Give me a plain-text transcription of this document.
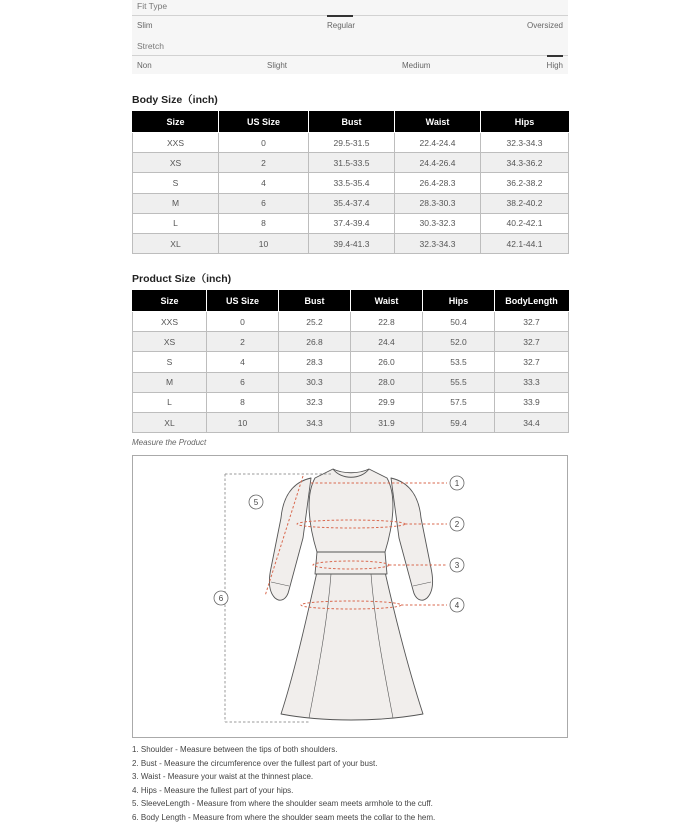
Fit Type
Slim	Regular	Oversized
Stretch
Non	Slight	Medium	High
Body Size（inch)
Size	US Size	Bust	Waist	Hips
XXS	0	29.5-31.5	22.4-24.4	32.3-34.3
XS	2	31.5-33.5	24.4-26.4	34.3-36.2
S	4	33.5-35.4	26.4-28.3	36.2-38.2
M	6	35.4-37.4	28.3-30.3	38.2-40.2
L	8	37.4-39.4	30.3-32.3	40.2-42.1
XL	10	39.4-41.3	32.3-34.3	42.1-44.1
Product Size（inch)
Size	US Size	Bust	Waist	Hips	BodyLength
XXS	0	25.2	22.8	50.4	32.7
XS	2	26.8	24.4	52.0	32.7
S	4	28.3	26.0	53.5	32.7
M	6	30.3	28.0	55.5	33.3
L	8	32.3	29.9	57.5	33.9
XL	10	34.3	31.9	59.4	34.4
Measure the Product
1
2
3
4
5
6
1. Shoulder - Measure between the tips of both shoulders.
2. Bust - Measure the circumference over the fullest part of your bust.
3. Waist - Measure your waist at the thinnest place.
4. Hips - Measure the fullest part of your hips.
5. SleeveLength - Measure from where the shoulder seam meets armhole to the cuff.
6. Body Length - Measure from where the shoulder seam meets the collar to the hem.
